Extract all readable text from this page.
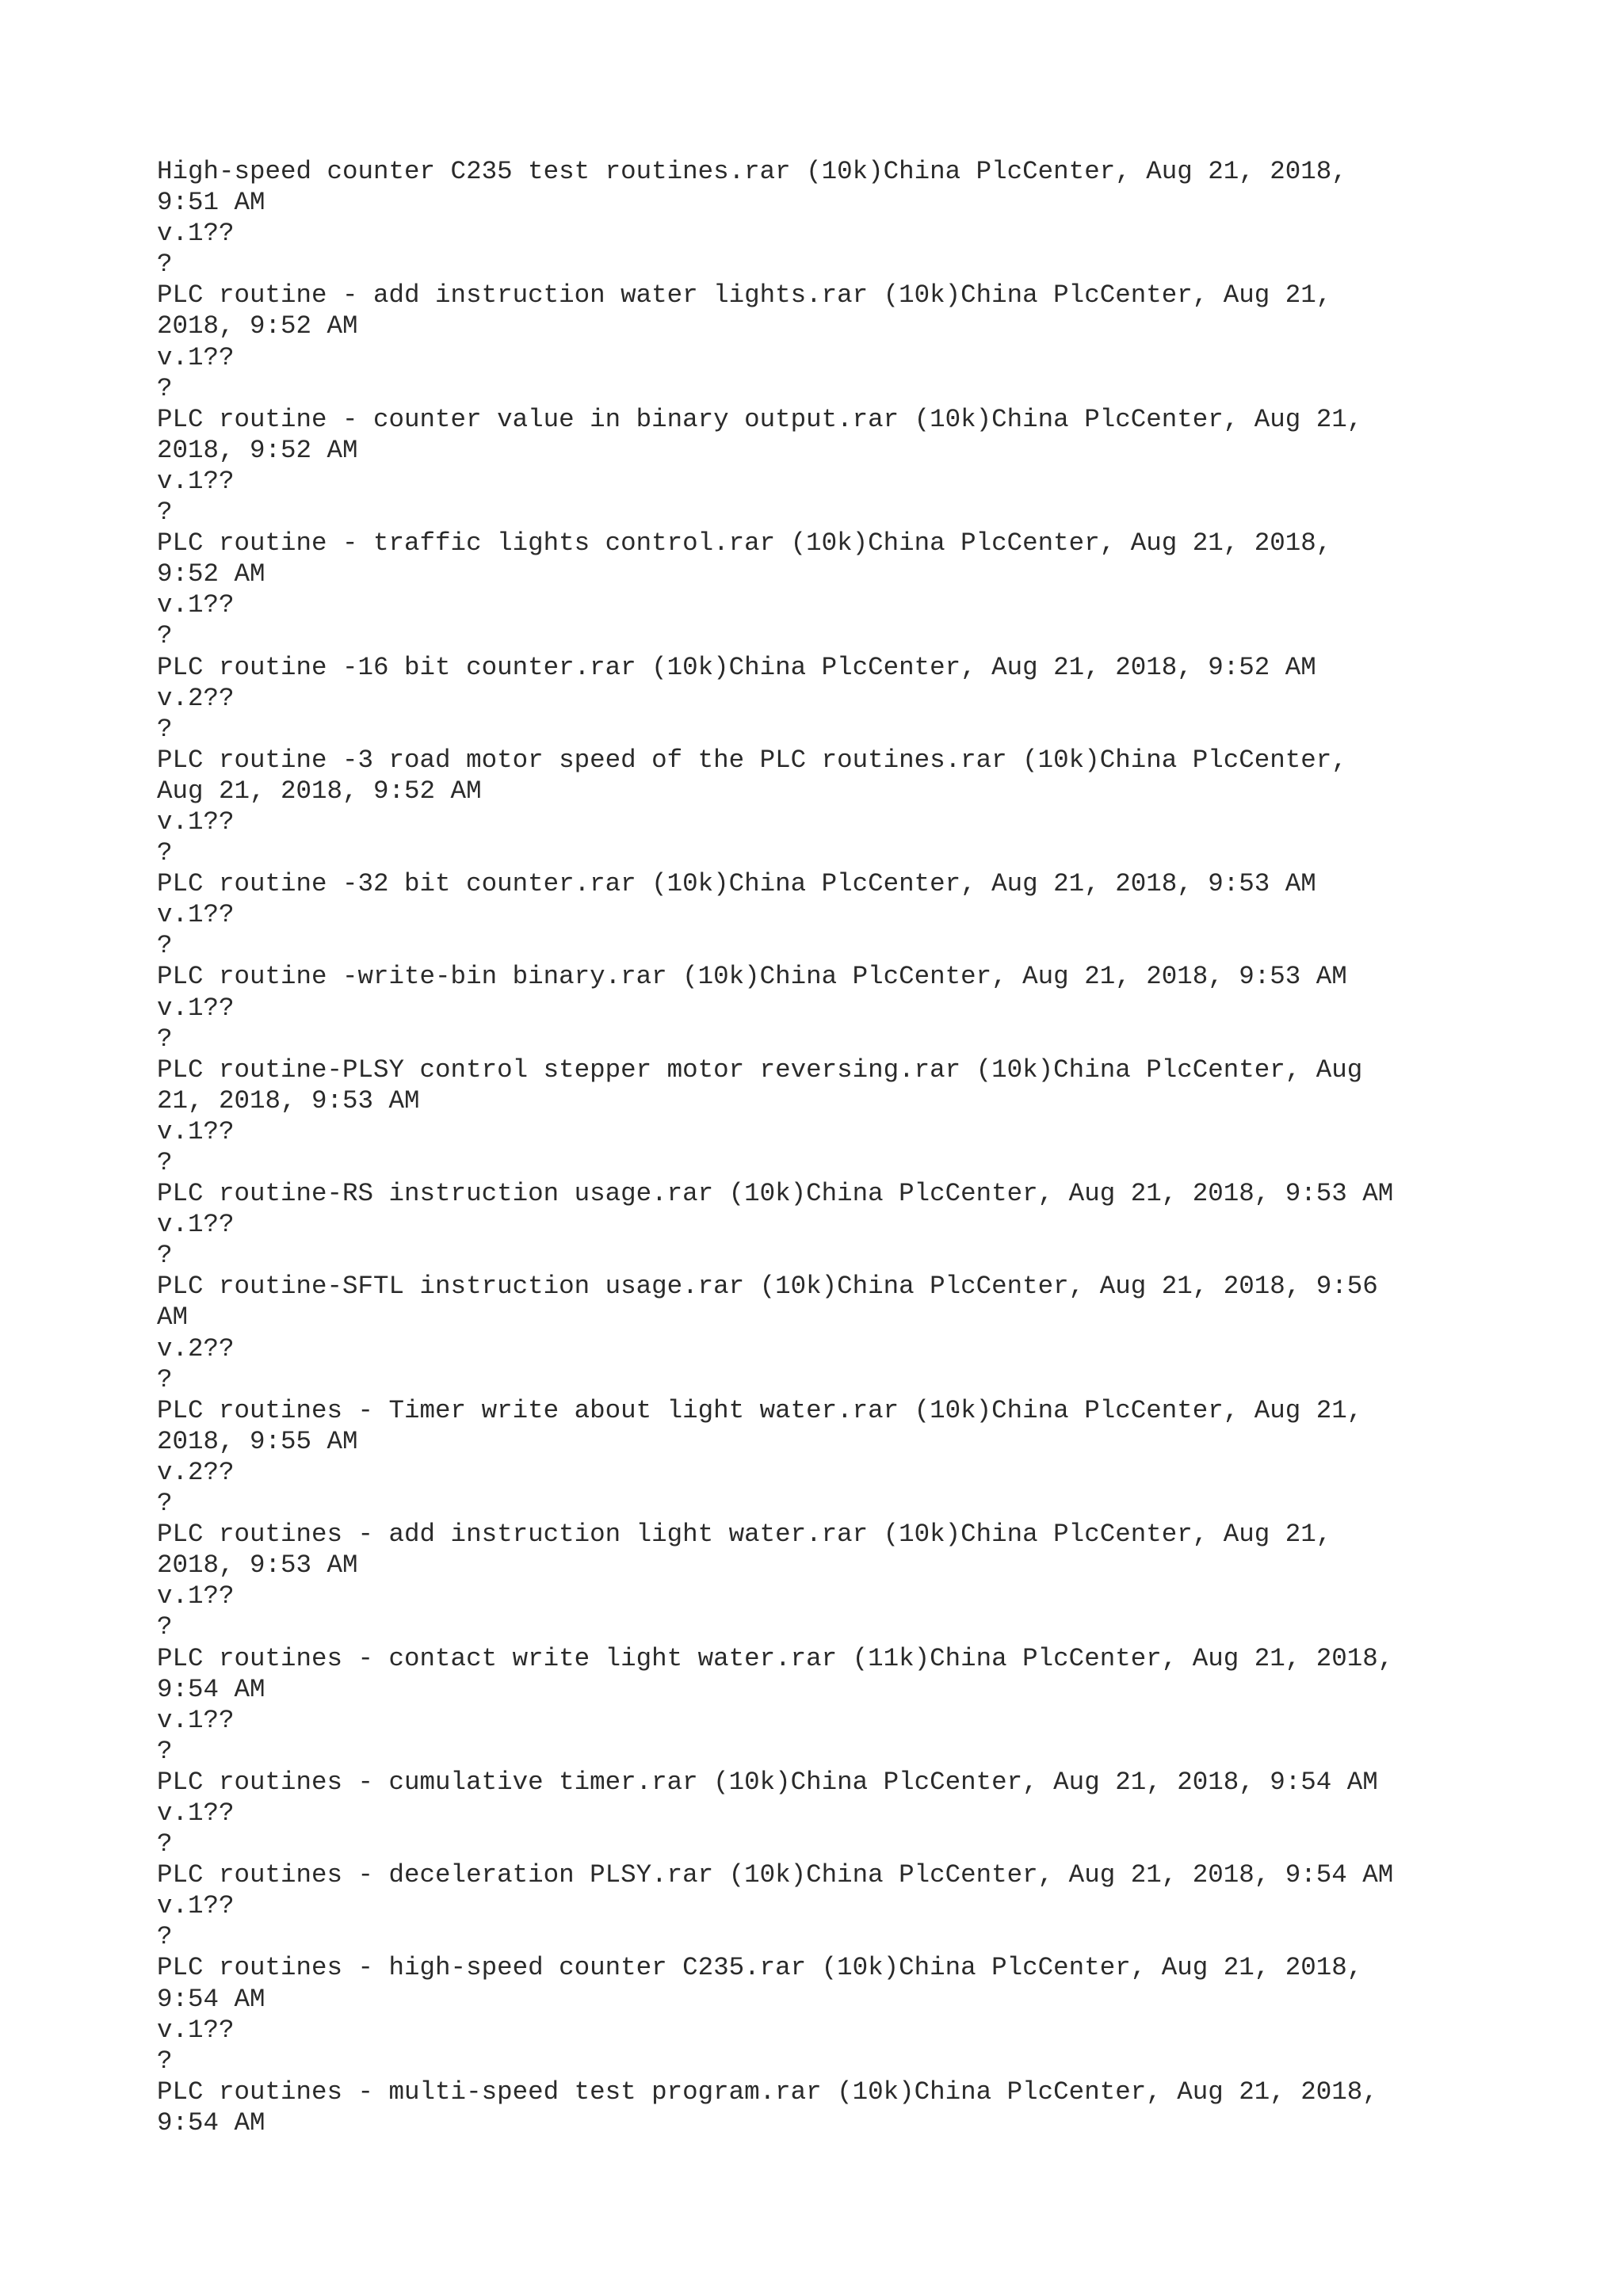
High-speed counter C235 test routines.rar (10k)China PlcCenter, Aug 21, 2018,
9:51 AM
v.1??
?
PLC routine - add instruction water lights.rar (10k)China PlcCenter, Aug 21,
2018, 9:52 AM
v.1??
?
PLC routine - counter value in binary output.rar (10k)China PlcCenter, Aug 21,
2018, 9:52 AM
v.1??
?
PLC routine - traffic lights control.rar (10k)China PlcCenter, Aug 21, 2018,
9:52 AM
v.1??
?
PLC routine -16 bit counter.rar (10k)China PlcCenter, Aug 21, 2018, 9:52 AM
v.2??
?
PLC routine -3 road motor speed of the PLC routines.rar (10k)China PlcCenter,
Aug 21, 2018, 9:52 AM
v.1??
?
PLC routine -32 bit counter.rar (10k)China PlcCenter, Aug 21, 2018, 9:53 AM
v.1??
?
PLC routine -write-bin binary.rar (10k)China PlcCenter, Aug 21, 2018, 9:53 AM
v.1??
?
PLC routine-PLSY control stepper motor reversing.rar (10k)China PlcCenter, Aug
21, 2018, 9:53 AM
v.1??
?
PLC routine-RS instruction usage.rar (10k)China PlcCenter, Aug 21, 2018, 9:53 AM
v.1??
?
PLC routine-SFTL instruction usage.rar (10k)China PlcCenter, Aug 21, 2018, 9:56
AM
v.2??
?
PLC routines - Timer write about light water.rar (10k)China PlcCenter, Aug 21,
2018, 9:55 AM
v.2??
?
PLC routines - add instruction light water.rar (10k)China PlcCenter, Aug 21,
2018, 9:53 AM
v.1??
?
PLC routines - contact write light water.rar (11k)China PlcCenter, Aug 21, 2018,
9:54 AM
v.1??
?
PLC routines - cumulative timer.rar (10k)China PlcCenter, Aug 21, 2018, 9:54 AM
v.1??
?
PLC routines - deceleration PLSY.rar (10k)China PlcCenter, Aug 21, 2018, 9:54 AM
v.1??
?
PLC routines - high-speed counter C235.rar (10k)China PlcCenter, Aug 21, 2018,
9:54 AM
v.1??
?
PLC routines - multi-speed test program.rar (10k)China PlcCenter, Aug 21, 2018,
9:54 AM
